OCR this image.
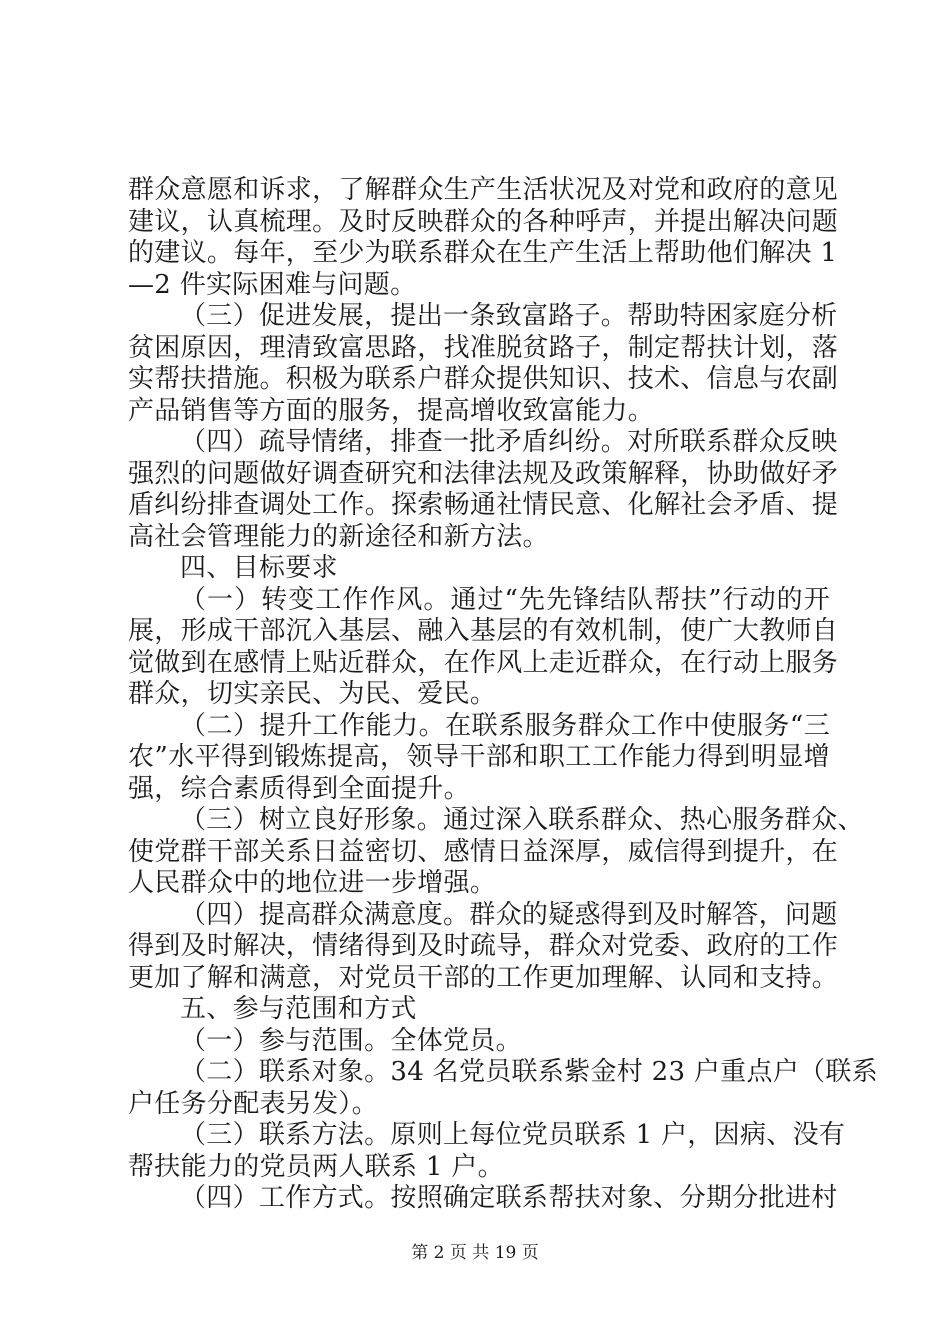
群众意愿和诉求，了解群众生产生活状况及对党和政府的意见
建议，认真梳理。及时反映群众的各种呼声，并提出解决问题
的建议。每年，至少为联系群众在生产生活上帮助他们解决 1
—2 件实际困难与问题。
（三）促进发展，提出一条致富路子。帮助特困家庭分析
贫困原因，理清致富思路，找准脱贫路子，制定帮扶计划，落
实帮扶措施。积极为联系户群众提供知识、技术、信息与农副
产品销售等方面的服务，提高增收致富能力。
（四）疏导情绪，排查一批矛盾纠纷。对所联系群众反映
强烈的问题做好调查研究和法律法规及政策解释，协助做好矛
盾纠纷排查调处工作。探索畅通社情民意、化解社会矛盾、提
高社会管理能力的新途径和新方法。
四、目标要求
（一）转变工作作风。通过“先先锋结队帮扶”行动的开
展，形成干部沉入基层、融入基层的有效机制，使广大教师自
觉做到在感情上贴近群众，在作风上走近群众，在行动上服务
群众，切实亲民、为民、爱民。
（二）提升工作能力。在联系服务群众工作中使服务“三
农”水平得到锻炼提高，领导干部和职工工作能力得到明显增
强，综合素质得到全面提升。
（三）树立良好形象。通过深入联系群众、热心服务群众、
使党群干部关系日益密切、感情日益深厚，威信得到提升，在
人民群众中的地位进一步增强。
（四）提高群众满意度。群众的疑惑得到及时解答，问题
得到及时解决，情绪得到及时疏导，群众对党委、政府的工作
更加了解和满意，对党员干部的工作更加理解、认同和支持。
五、参与范围和方式
（一）参与范围。全体党员。
（二）联系对象。34 名党员联系紫金村 23 户重点户（联系
户任务分配表另发）。
（三）联系方法。原则上每位党员联系 1 户，因病、没有
帮扶能力的党员两人联系 1 户。
（四）工作方式。按照确定联系帮扶对象、分期分批进村
第 2 页 共 19 页
